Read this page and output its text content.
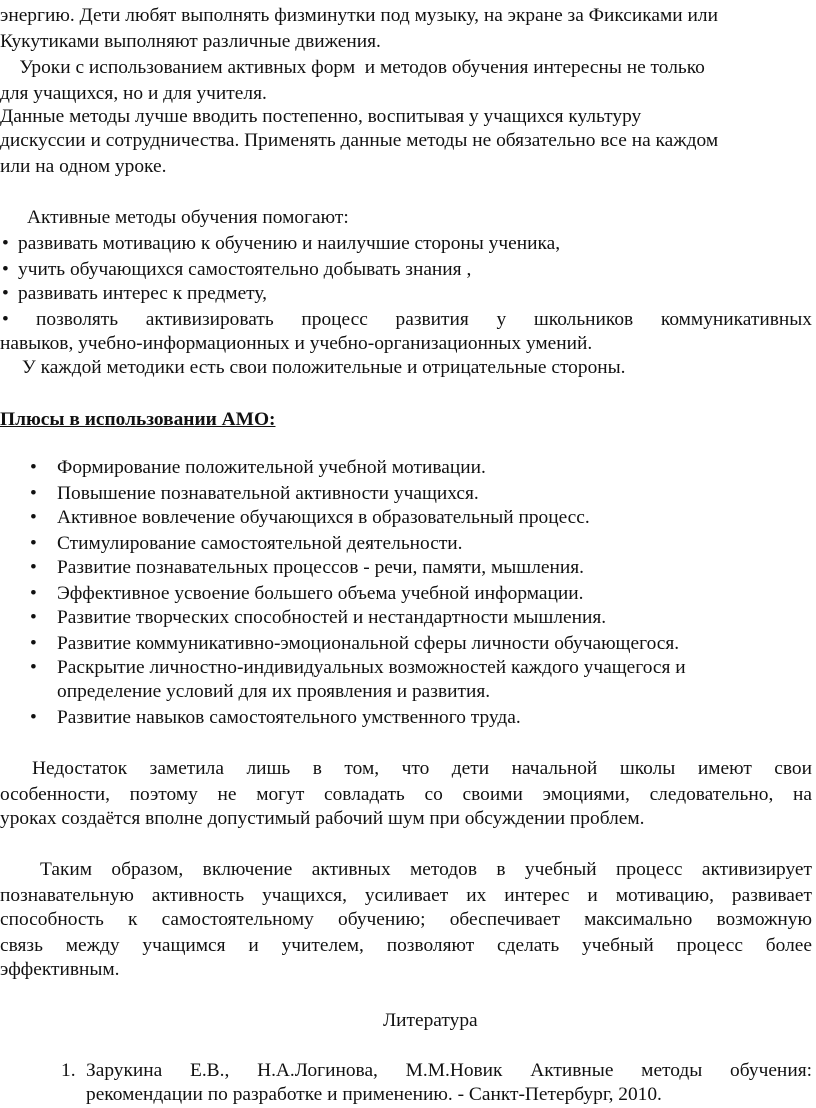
энергию. Дети любят выполнять физминутки под музыку, на экране за Фиксиками или
Кукутиками выполняют различные движения.
Уроки с использованием активных форм  и методов обучения интересны не только
для учащихся, но и для учителя.
Данные методы лучше вводить постепенно, воспитывая у учащихся культуру
дискуссии и сотрудничества. Применять данные методы не обязательно все на каждом
или на одном уроке.
Активные методы обучения помогают:
• развивать мотивацию к обучению и наилучшие стороны ученика,
• учить обучающихся самостоятельно добывать знания ,
• развивать интерес к предмету,
• позволять активизировать процесс развития у школьников коммуникативных
навыков, учебно-информационных и учебно-организационных умений.
У каждой методики есть свои положительные и отрицательные стороны.
Плюсы в использовании АМО:
• Формирование положительной учебной мотивации.
• Повышение познавательной активности учащихся.
• Активное вовлечение обучающихся в образовательный процесс.
• Стимулирование самостоятельной деятельности.
• Развитие познавательных процессов - речи, памяти, мышления.
• Эффективное усвоение большего объема учебной информации.
• Развитие творческих способностей и нестандартности мышления.
• Развитие коммуникативно-эмоциональной сферы личности обучающегося.
• Раскрытие личностно-индивидуальных возможностей каждого учащегося и
определение условий для их проявления и развития.
• Развитие навыков самостоятельного умственного труда.
Недостаток заметила лишь в том, что дети начальной школы имеют свои
особенности, поэтому не могут совладать со своими эмоциями, следовательно, на
уроках создаётся вполне допустимый рабочий шум при обсуждении проблем.
Таким образом, включение активных методов в учебный процесс активизирует
познавательную активность учащихся, усиливает их интерес и мотивацию, развивает
способность к самостоятельному обучению; обеспечивает максимально возможную
связь между учащимся и учителем, позволяют сделать учебный процесс более
эффективным.
Литература
1. Зарукина Е.В., Н.А.Логинова, М.М.Новик Активные методы обучения:
рекомендации по разработке и применению. - Санкт-Петербург, 2010.
